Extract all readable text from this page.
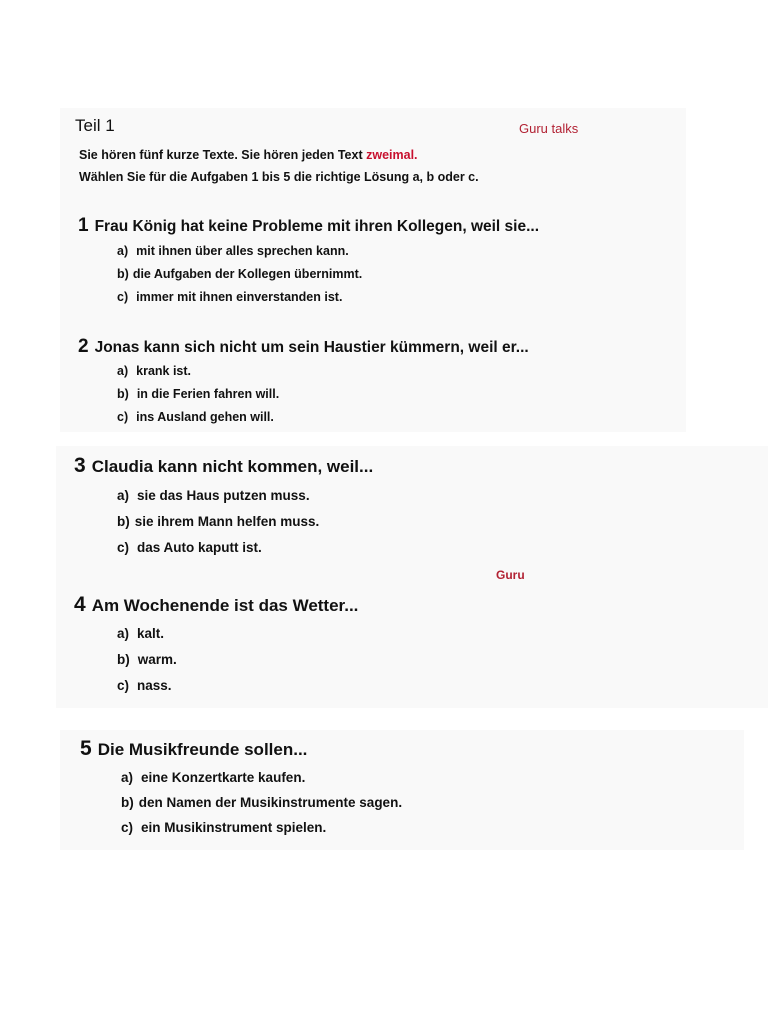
Teil 1	Guru talks
Sie hören fünf kurze Texte. Sie hören jeden Text zweimal.
Wählen Sie für die Aufgaben 1 bis 5 die richtige Lösung a, b oder c.
1 Frau König hat keine Probleme mit ihren Kollegen, weil sie...
a) mit ihnen über alles sprechen kann.
b) die Aufgaben der Kollegen übernimmt.
c) immer mit ihnen einverstanden ist.
2 Jonas kann sich nicht um sein Haustier kümmern, weil er...
a) krank ist.
b) in die Ferien fahren will.
c) ins Ausland gehen will.
3 Claudia kann nicht kommen, weil...
a) sie das Haus putzen muss.
b) sie ihrem Mann helfen muss.
c) das Auto kaputt ist.
Guru
4 Am Wochenende ist das Wetter...
a) kalt.
b) warm.
c) nass.
5 Die Musikfreunde sollen...
a) eine Konzertkarte kaufen.
b) den Namen der Musikinstrumente sagen.
c) ein Musikinstrument spielen.
